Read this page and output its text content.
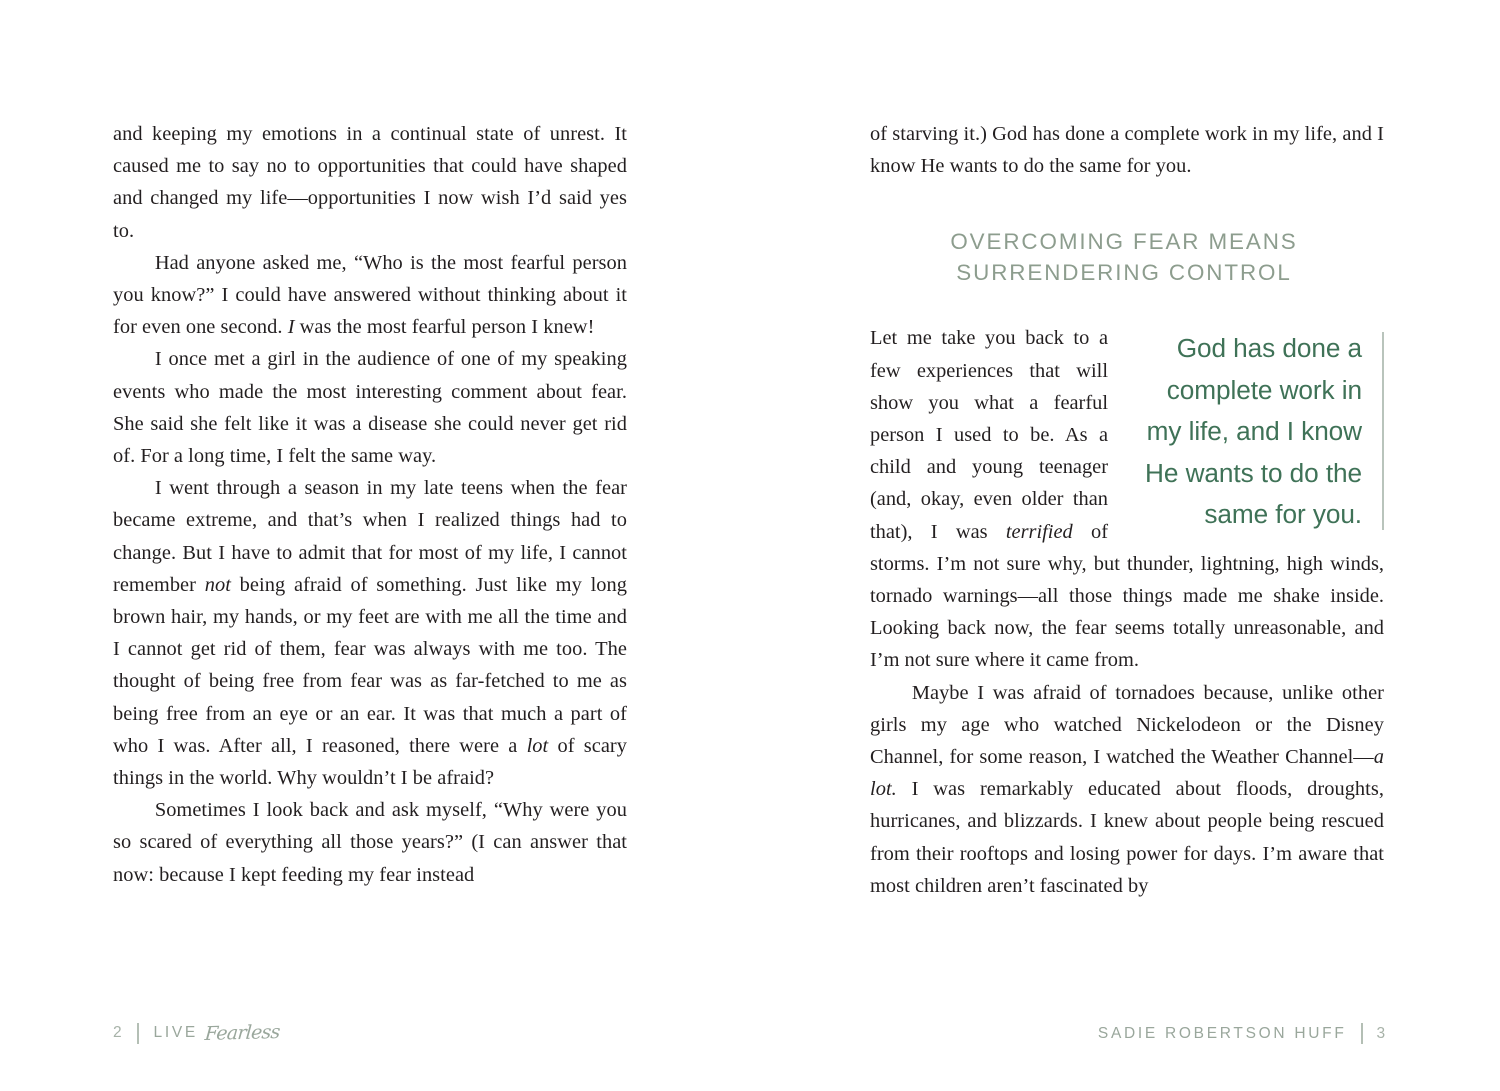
and keeping my emotions in a continual state of unrest. It caused me to say no to opportunities that could have shaped and changed my life—opportunities I now wish I’d said yes to.

Had anyone asked me, “Who is the most fearful person you know?” I could have answered without thinking about it for even one second. I was the most fearful person I knew!

I once met a girl in the audience of one of my speaking events who made the most interesting comment about fear. She said she felt like it was a disease she could never get rid of. For a long time, I felt the same way.

I went through a season in my late teens when the fear became extreme, and that’s when I realized things had to change. But I have to admit that for most of my life, I cannot remember not being afraid of something. Just like my long brown hair, my hands, or my feet are with me all the time and I cannot get rid of them, fear was always with me too. The thought of being free from fear was as far-fetched to me as being free from an eye or an ear. It was that much a part of who I was. After all, I reasoned, there were a lot of scary things in the world. Why wouldn’t I be afraid?

Sometimes I look back and ask myself, “Why were you so scared of everything all those years?” (I can answer that now: because I kept feeding my fear instead

2 LIVE Fearless

of starving it.) God has done a complete work in my life, and I know He wants to do the same for you.

OVERCOMING FEAR MEANS
SURRENDERING CONTROL
God has done a complete work in my life, and I know He wants to do the same for you.

Let me take you back to a few experiences that will show you what a fearful person I used to be. As a child and young teenager (and, okay, even older than that), I was terrified of storms. I’m not sure why, but thunder, lightning, high winds, tornado warnings—all those things made me shake inside. Looking back now, the fear seems totally unreasonable, and I’m not sure where it came from.

Maybe I was afraid of tornadoes because, unlike other girls my age who watched Nickelodeon or the Disney Channel, for some reason, I watched the Weather Channel—a lot. I was remarkably educated about floods, droughts, hurricanes, and blizzards. I knew about people being rescued from their rooftops and losing power for days. I’m aware that most children aren’t fascinated by

SADIE ROBERTSON HUFF 3
